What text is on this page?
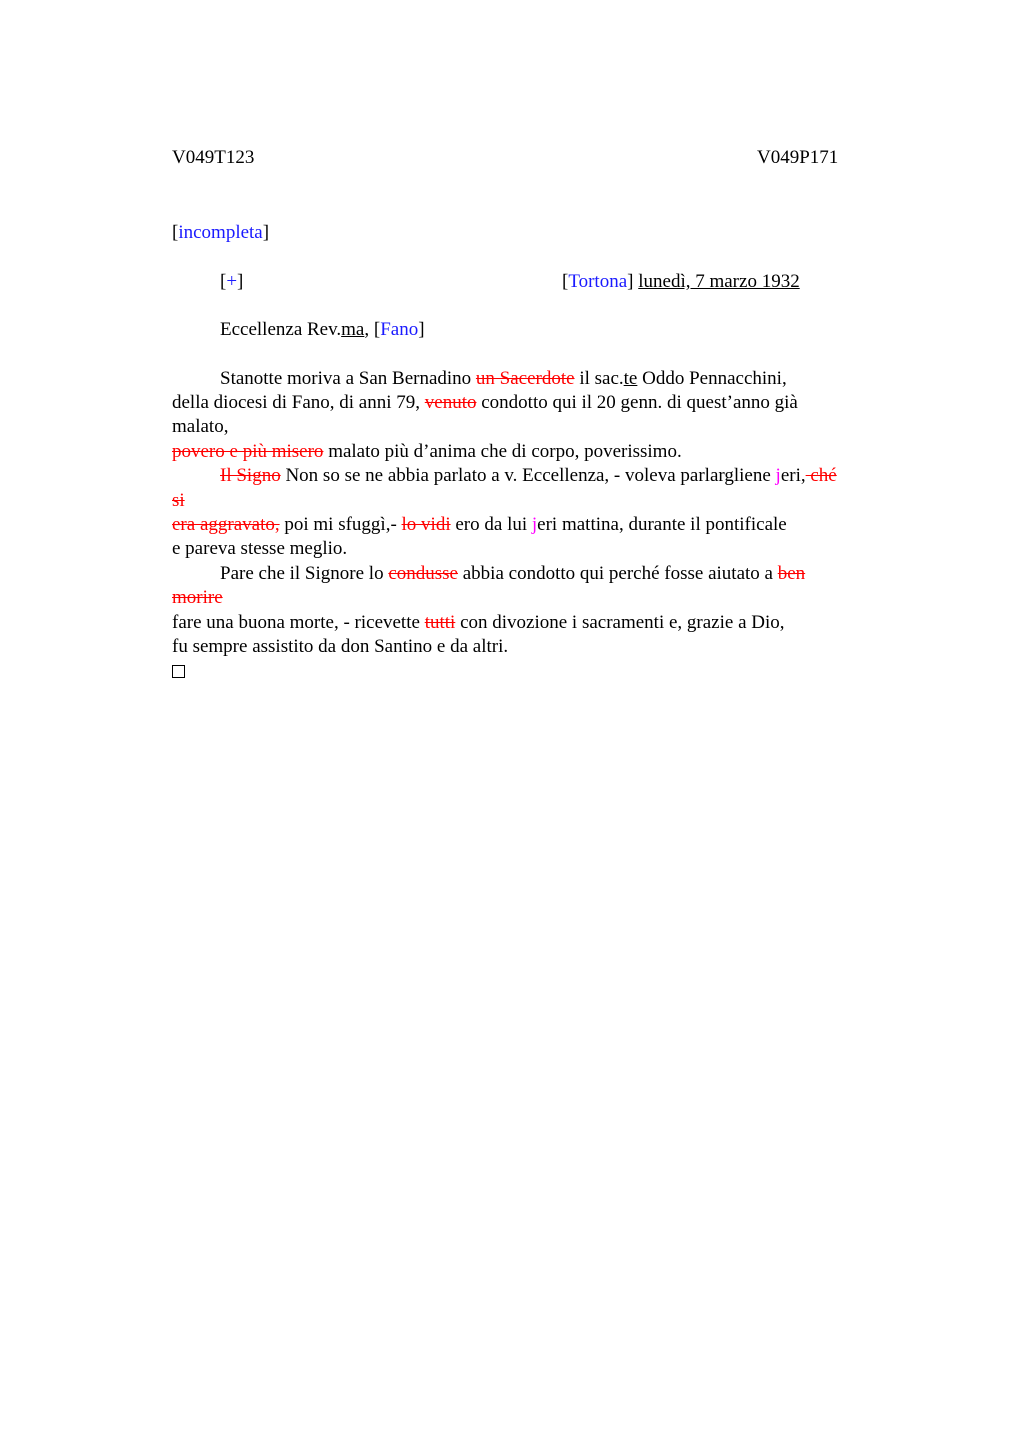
V049T123	V049P171
[incompleta]
[+]	[Tortona] lunedì, 7 marzo 1932
Eccellenza Rev.ma, [Fano]
Stanotte moriva a San Bernadino un Sacerdote il sac.te Oddo Pennacchini,
della diocesi di Fano, di anni 79, venuto condotto qui il 20 genn. di quest’anno già
malato,
povero e più misero malato più d’anima che di corpo, poverissimo.
Il Signo Non so se ne abbia parlato a v. Eccellenza, - voleva parlargliene jeri, ché
si
era aggravato, poi mi sfuggì,- lo vidi ero da lui jeri mattina, durante il pontificale
e pareva stesse meglio.
Pare che il Signore lo condusse abbia condotto qui perché fosse aiutato a ben
morire
fare una buona morte, - ricevette tutti con divozione i sacramenti e, grazie a Dio,
fu sempre assistito da don Santino e da altri.
